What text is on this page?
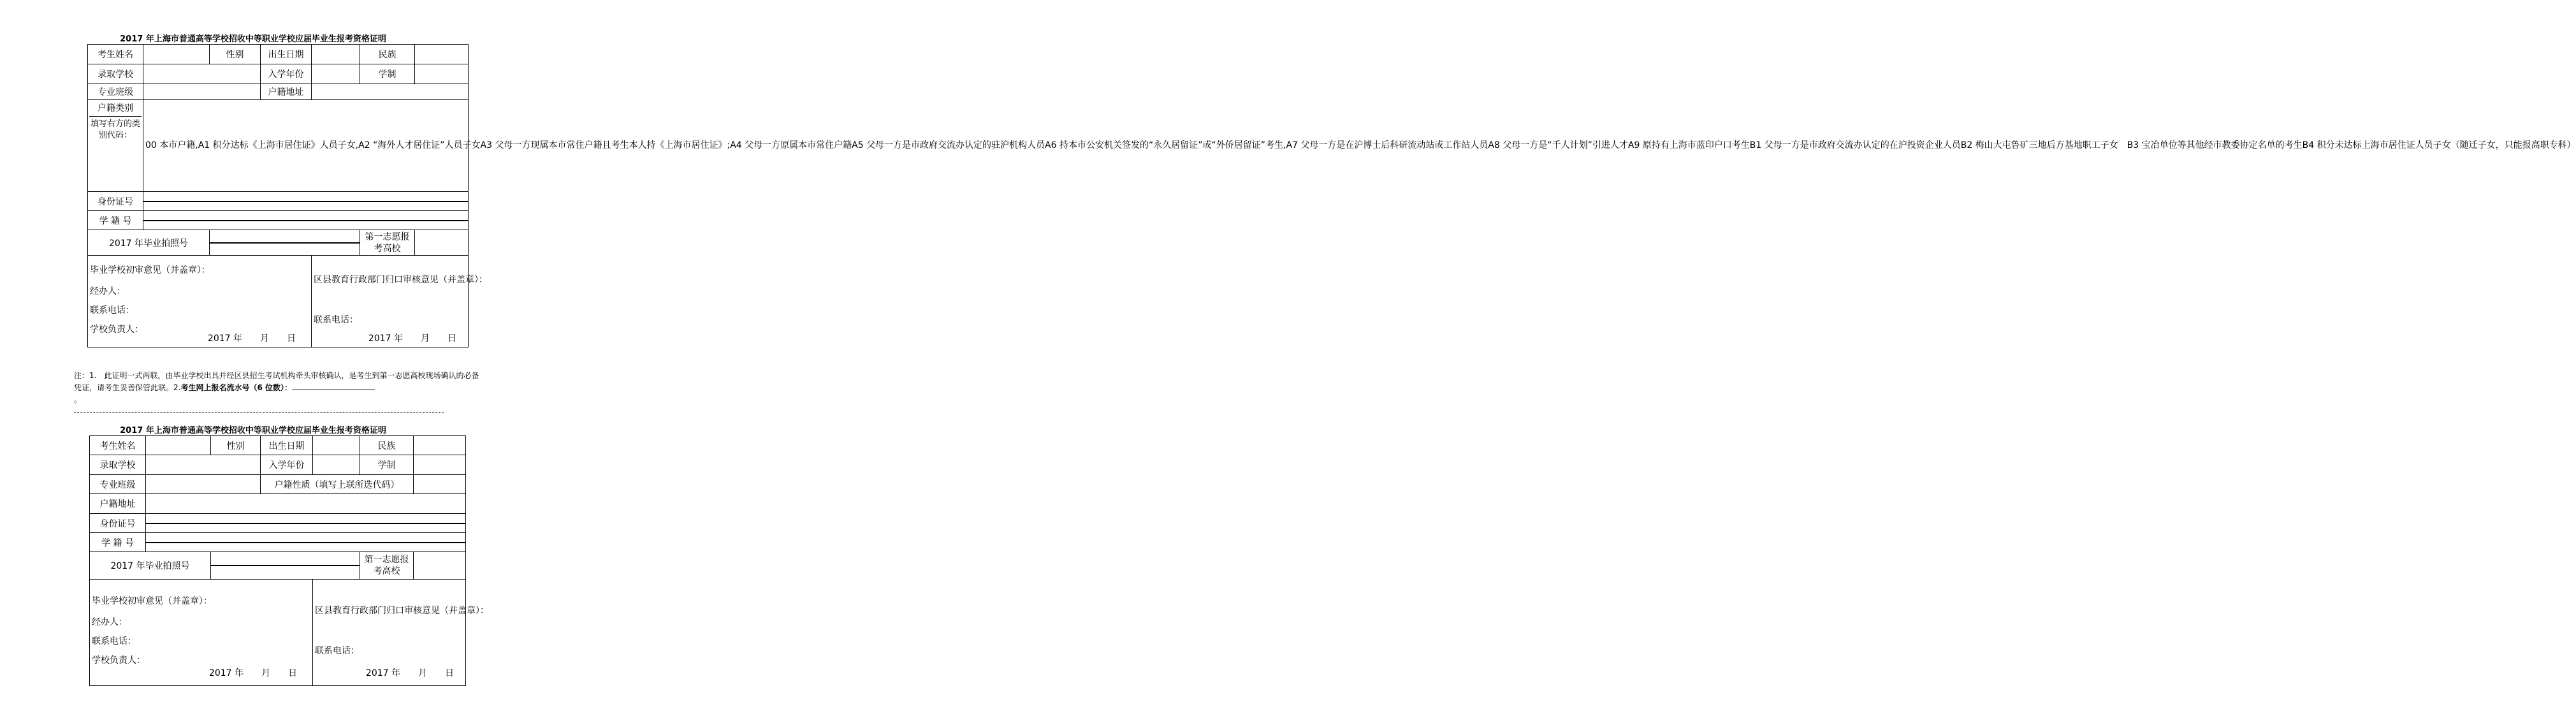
2017 年上海市普通高等学校招收中等职业学校应届毕业生报考资格证明
考生姓名		性别	出生日期		民族	
录取学校		入学年份		学制	
专业班级		户籍地址	

户籍类别
填写右方的类别代码：
	00 本市户籍,A1 积分达标《上海市居住证》人员子女,A2 “海外人才居住证”人员子女A3 父母一方现属本市常住户籍且考生本人持《上海市居住证》;A4 父母一方原属本市常住户籍A5 父母一方是市政府交流办认定的驻沪机构人员A6 持本市公安机关签发的“永久居留证”或“外侨居留证”考生,A7 父母一方是在沪博士后科研流动站或工作站人员A8 父母一方是“千人计划”引进人才A9 原持有上海市蓝印户口考生B1 父母一方是市政府交流办认定的在沪投资企业人员B2 梅山大屯鲁矿三地后方基地职工子女　B3 宝冶单位等其他经市教委协定名单的考生B4 积分未达标上海市居住证人员子女（随迁子女，只能报高职专科）
身份证号	

学 籍 号	

2017 年毕业拍照号	

	第一志愿报考高校	

毕业学校初审意见（并盖章）：

经办人：

联系电话：

学校负责人：

2017 年　　月　　日

区县教育行政部门归口审核意见（并盖章）：

联系电话：

2017 年　　月　　日
注：1.　此证明一式两联，由毕业学校出具并经区县招生考试机构牵头审核确认，是考生到第一志愿高校现场确认的必备凭证，请考生妥善保管此联。2.考生网上报名流水号（6 位数）：
。
2017 年上海市普通高等学校招收中等职业学校应届毕业生报考资格证明
考生姓名		性别	出生日期		民族	
录取学校		入学年份		学制	
专业班级		户籍性质（填写上联所选代码）	
户籍地址	
身份证号	

学 籍 号	

2017 年毕业拍照号	

	第一志愿报考高校	

毕业学校初审意见（并盖章）：

经办人：

联系电话：

学校负责人：

2017 年　　月　　日

区县教育行政部门归口审核意见（并盖章）：

联系电话：

2017 年　　月　　日
